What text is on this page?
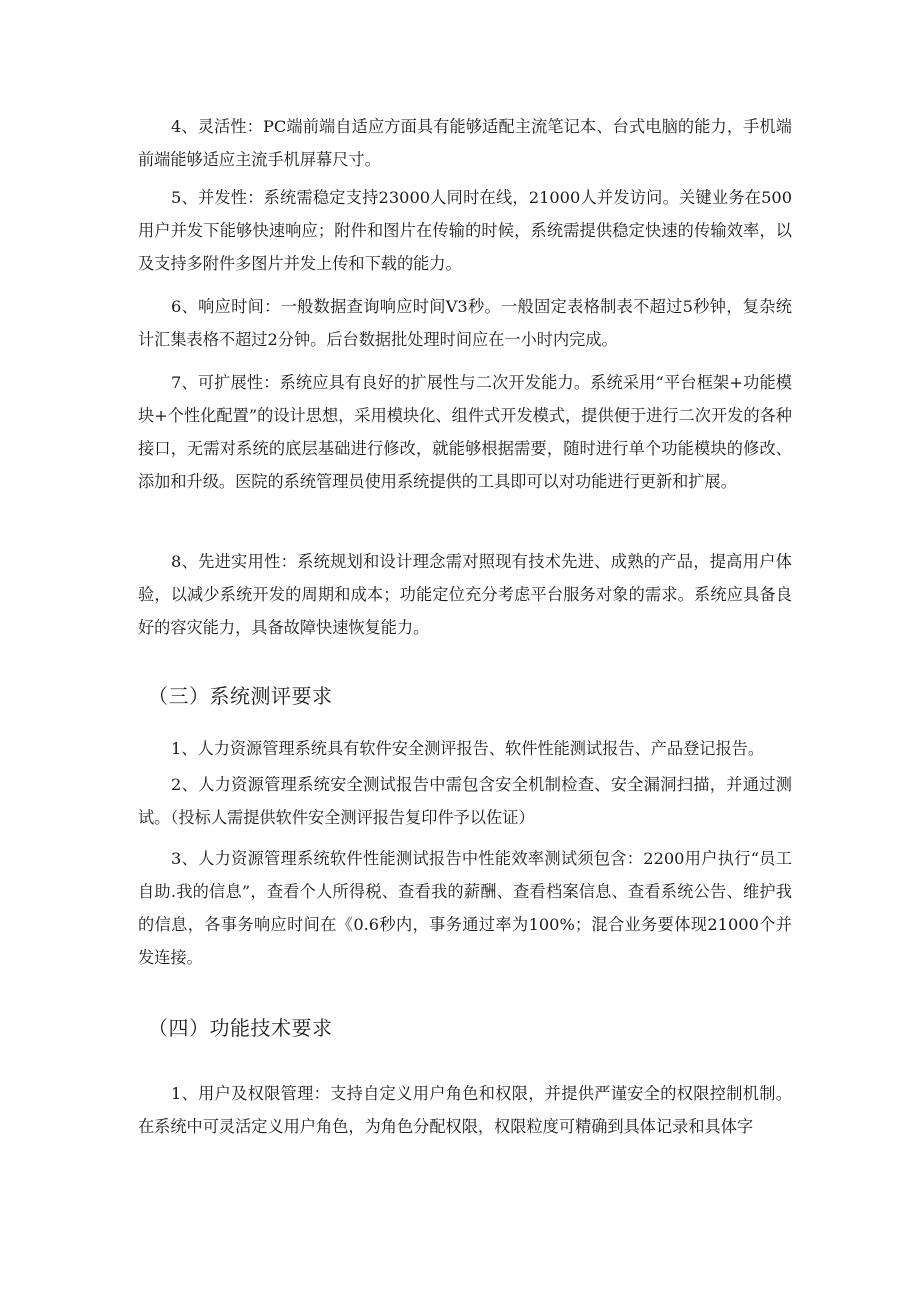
4、灵活性：PC端前端自适应方面具有能够适配主流笔记本、台式电脑的能力，手机端前端能够适应主流手机屏幕尺寸。

5、并发性：系统需稳定支持23000人同时在线，21000人并发访问。关键业务在500用户并发下能够快速响应；附件和图片在传输的时候，系统需提供稳定快速的传输效率，以及支持多附件多图片并发上传和下载的能力。

6、响应时间：一般数据查询响应时间V3秒。一般固定表格制表不超过5秒钟，复杂统计汇集表格不超过2分钟。后台数据批处理时间应在一小时内完成。

7、可扩展性：系统应具有良好的扩展性与二次开发能力。系统采用“平台框架+功能模块+个性化配置”的设计思想，采用模块化、组件式开发模式，提供便于进行二次开发的各种接口，无需对系统的底层基础进行修改，就能够根据需要，随时进行单个功能模块的修改、添加和升级。医院的系统管理员使用系统提供的工具即可以对功能进行更新和扩展。

8、先进实用性：系统规划和设计理念需对照现有技术先进、成熟的产品，提高用户体验，以减少系统开发的周期和成本；功能定位充分考虑平台服务对象的需求。系统应具备良好的容灾能力，具备故障快速恢复能力。

（三）系统测评要求

1、人力资源管理系统具有软件安全测评报告、软件性能测试报告、产品登记报告。

2、人力资源管理系统安全测试报告中需包含安全机制检查、安全漏洞扫描，并通过测试。（投标人需提供软件安全测评报告复印件予以佐证）

3、人力资源管理系统软件性能测试报告中性能效率测试须包含：2200用户执行“员工自助.我的信息”，查看个人所得税、查看我的薪酬、查看档案信息、查看系统公告、维护我的信息，各事务响应时间在《0.6秒内，事务通过率为100%；混合业务要体现21000个并发连接。

（四）功能技术要求

1、用户及权限管理：支持自定义用户角色和权限，并提供严谨安全的权限控制机制。在系统中可灵活定义用户角色，为角色分配权限，权限粒度可精确到具体记录和具体字
